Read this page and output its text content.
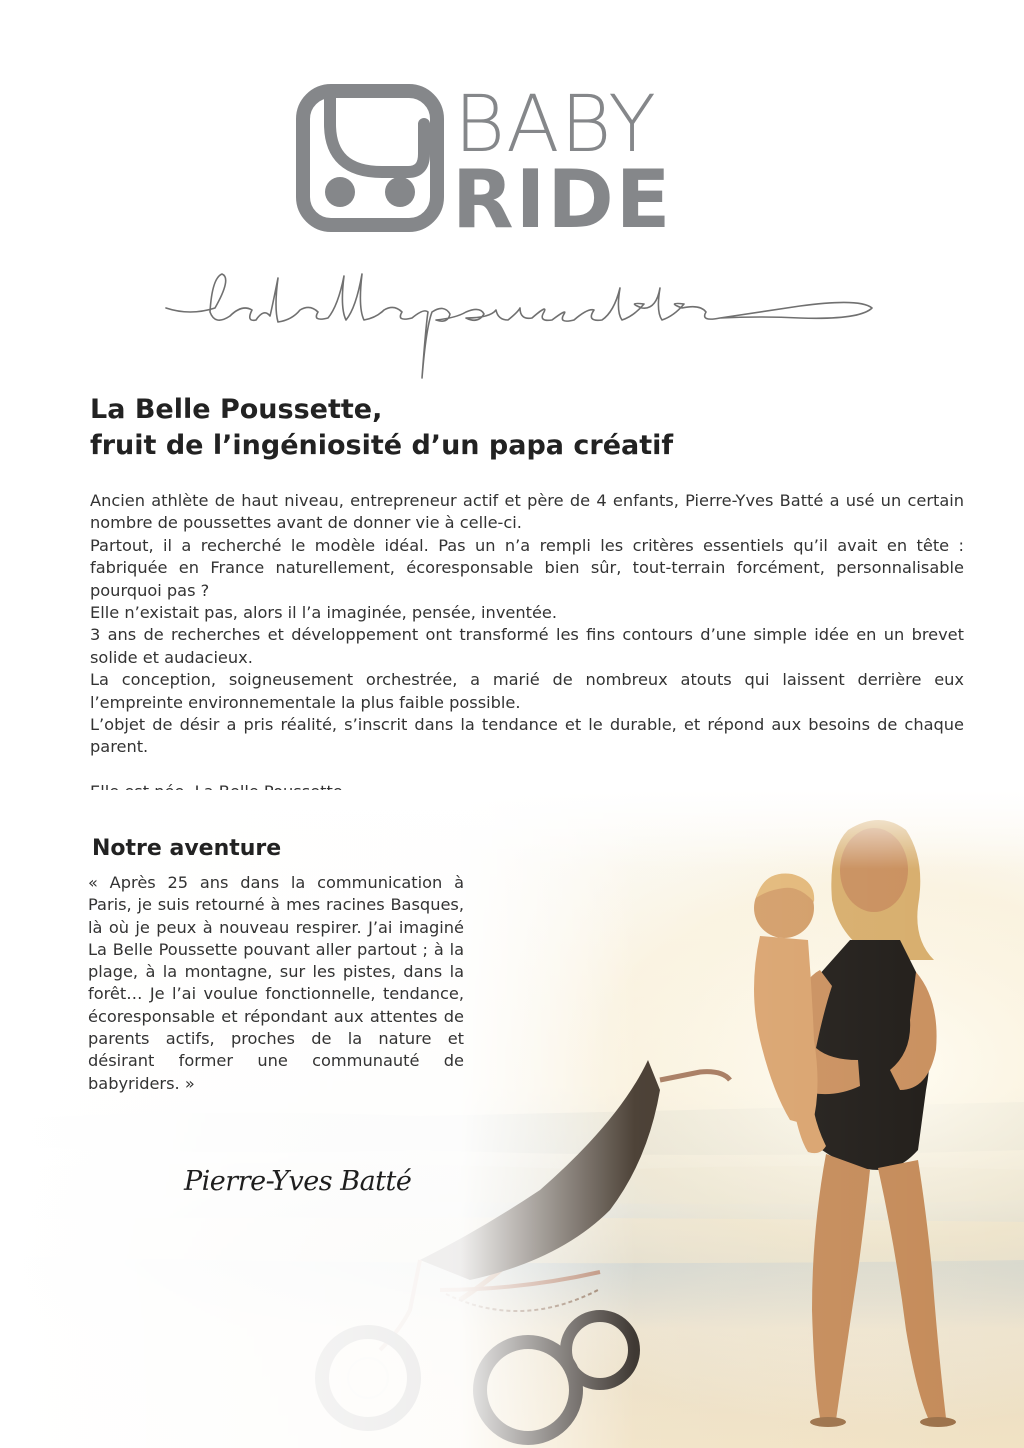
BABY
RIDE
La Belle Poussette,
fruit de l’ingéniosité d’un papa créatif

Ancien athlète de haut niveau, entrepreneur actif et père de 4 enfants, Pierre-Yves Batté a usé un certain nombre de poussettes avant de donner vie à celle-ci.

Partout, il a recherché le modèle idéal. Pas un n’a rempli les critères essentiels qu’il avait en tête : fabriquée en France naturellement, écoresponsable bien sûr, tout-terrain forcément, personnalisable pourquoi pas ?

Elle n’existait pas, alors il l’a imaginée, pensée, inventée.

3 ans de recherches et développement ont transformé les fins contours d’une simple idée en un brevet solide et audacieux.

La conception, soigneusement orchestrée, a marié de nombreux atouts qui laissent derrière eux l’empreinte environnementale la plus faible possible.

L’objet de désir a pris réalité, s’inscrit dans la tendance et le durable, et répond aux besoins de chaque parent.

Notre aventure

« Après 25 ans dans la communication à Paris, je suis retourné à mes racines Basques, là où je peux à nouveau respirer. J’ai imaginé La Belle Poussette pouvant aller partout ; à la plage, à la montagne, sur les pistes, dans la forêt… Je l’ai voulue fonctionnelle, tendance, écoresponsable et répondant aux attentes de parents actifs, proches de la nature et désirant former une communauté de babyriders. »

Pierre-Yves Batté
